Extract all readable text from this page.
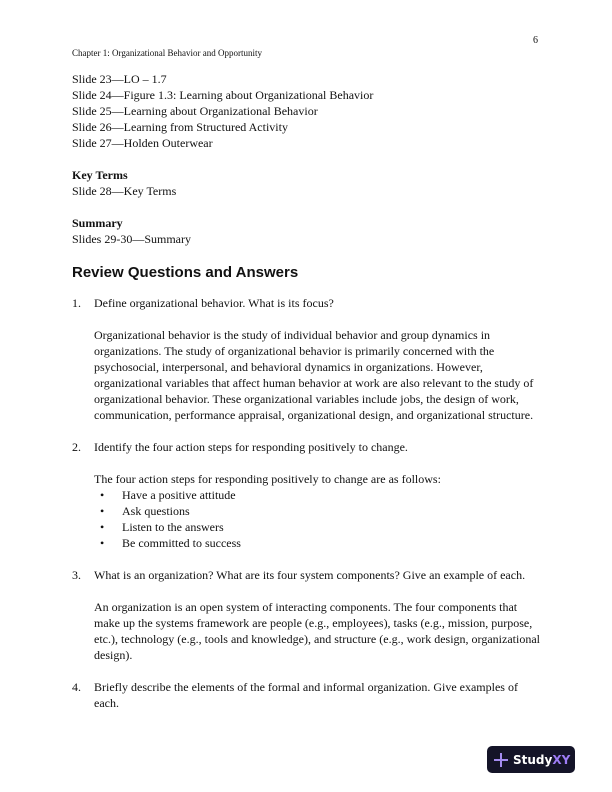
6
Chapter 1: Organizational Behavior and Opportunity

Slide 23—LO – 1.7

Slide 24—Figure 1.3: Learning about Organizational Behavior

Slide 25—Learning about Organizational Behavior

Slide 26—Learning from Structured Activity

Slide 27—Holden Outerwear

Key Terms

Slide 28—Key Terms

Summary

Slides 29-30—Summary

Review Questions and Answers

1. Define organizational behavior. What is its focus?

Organizational behavior is the study of individual behavior and group dynamics in

organizations. The study of organizational behavior is primarily concerned with the

psychosocial, interpersonal, and behavioral dynamics in organizations. However,

organizational variables that affect human behavior at work are also relevant to the study of

organizational behavior. These organizational variables include jobs, the design of work,

communication, performance appraisal, organizational design, and organizational structure.

2. Identify the four action steps for responding positively to change.

The four action steps for responding positively to change are as follows:

• Have a positive attitude
• Ask questions
• Listen to the answers
• Be committed to success
3. What is an organization? What are its four system components? Give an example of each.

An organization is an open system of interacting components. The four components that

make up the systems framework are people (e.g., employees), tasks (e.g., mission, purpose,

etc.), technology (e.g., tools and knowledge), and structure (e.g., work design, organizational

design).

4. Briefly describe the elements of the formal and informal organization. Give examples of

each.

StudyXY
